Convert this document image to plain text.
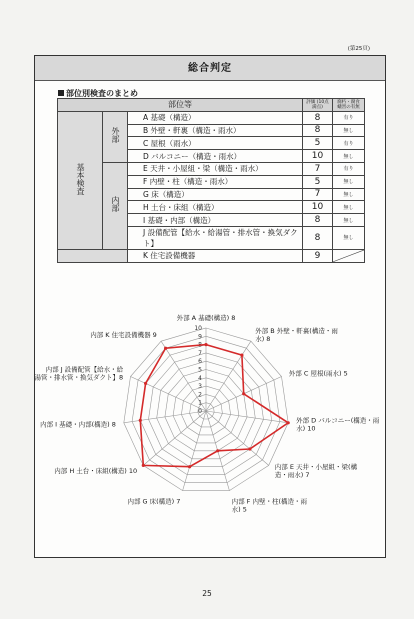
(第25頁)
総合判定
部位別検査のまとめ
部位等			評価 (10点満点)	腐朽・腐食 蟻害の有無
基本検査	外部	A 基礎（構造）	8	有り
		B 外壁・軒裏（構造・雨水）	8	無し
		C 屋根（雨水）	5	有り
		D バルコニー（構造・雨水）	10	無し
	内部	E 天井・小屋組・梁（構造・雨水）	7	有り
		F 内壁・柱（構造・雨水）	5	無し
		G 床（構造）	7	無し
		H 土台・床組（構造）	10	無し
		I 基礎・内部（構造）	8	無し
		J 設備配管【給水・給湯管・排水管・換気ダクト】	8	無し
		K 住宅設備機器	9	
0
1
2
3
4
5
6
7
8
9
10
外部 A 基礎(構造) 8
外部 B 外壁・軒裏(構造・雨
水) 8
外部 C 屋根(雨水) 5
外部 D バルコニー(構造・雨
水) 10
内部 E 天井・小屋組・梁(構
造・雨水) 7
内部 F 内壁・柱(構造・雨
水) 5
内部 G 床(構造) 7
内部 H 土台・床組(構造) 10
内部 I 基礎・内部(構造) 8
内部 J 設備配管【給水・給
湯管・排水管・換気ダクト】8
内部 K 住宅設備機器 9
25
